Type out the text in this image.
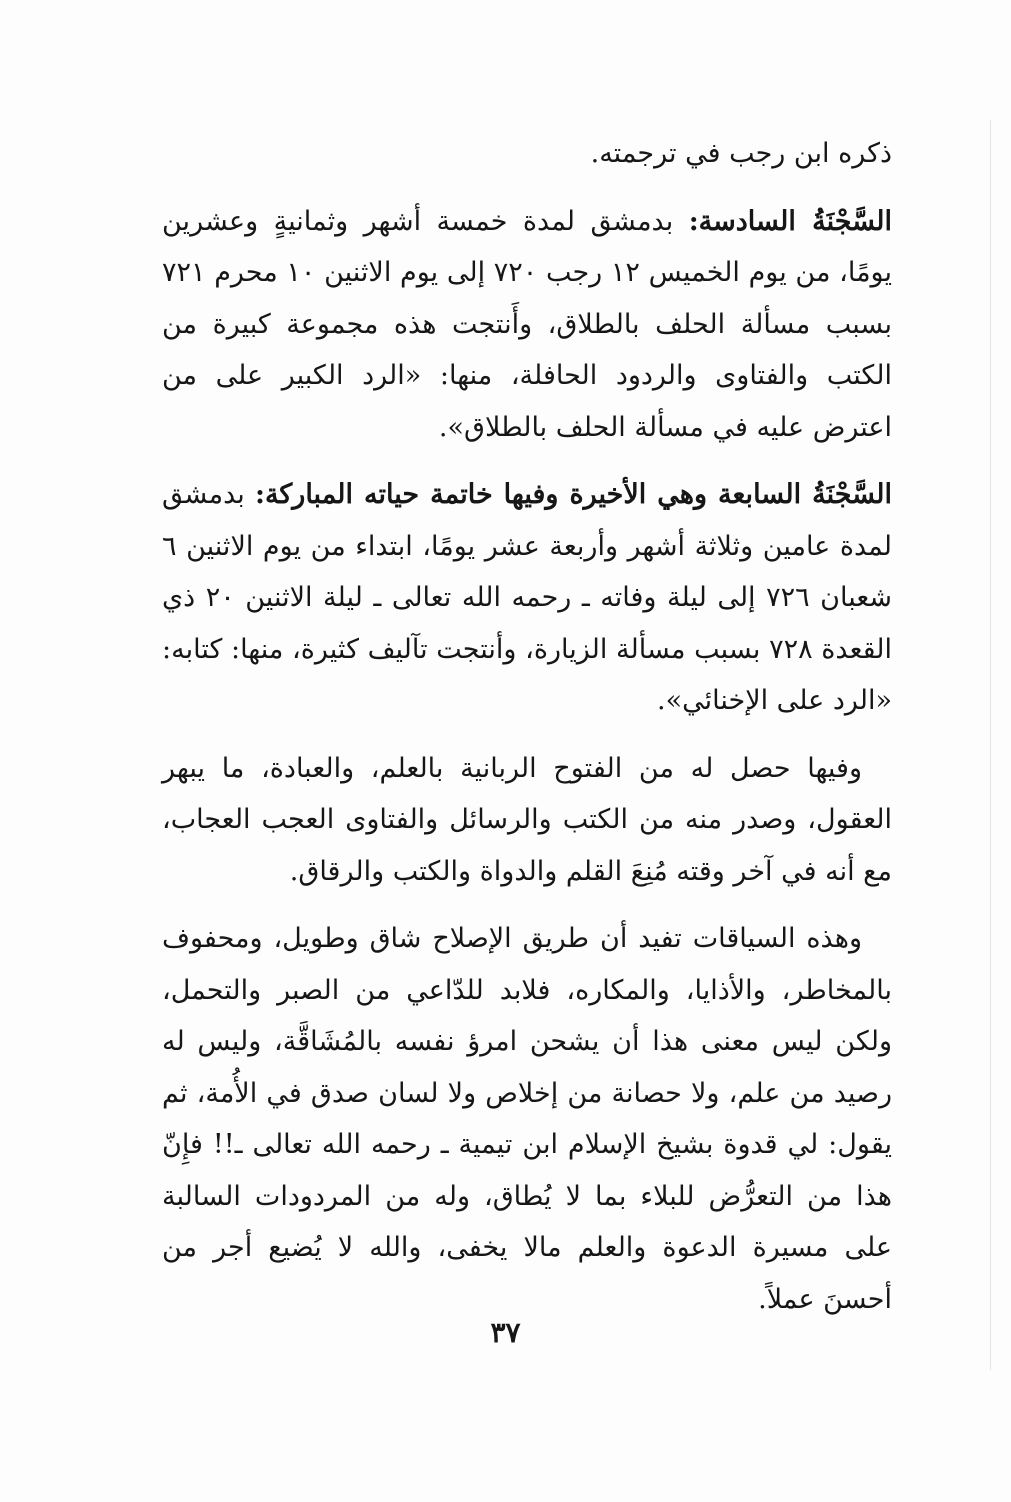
ذكره ابن رجب في ترجمته.

السَّجْنَةُ السادسة: بدمشق لمدة خمسة أشهر وثمانيةٍ وعشرين يومًا، من يوم الخميس ١٢ رجب ٧٢٠ إلى يوم الاثنين ١٠ محرم ٧٢١ بسبب مسألة الحلف بالطلاق، وأَنتجت هذه مجموعة كبيرة من الكتب والفتاوى والردود الحافلة، منها: «الرد الكبير على من اعترض عليه في مسألة الحلف بالطلاق».

السَّجْنَةُ السابعة وهي الأخيرة وفيها خاتمة حياته المباركة: بدمشق لمدة عامين وثلاثة أشهر وأربعة عشر يومًا، ابتداء من يوم الاثنين ٦ شعبان ٧٢٦ إلى ليلة وفاته ـ رحمه الله تعالى ـ ليلة الاثنين ٢٠ ذي القعدة ٧٢٨ بسبب مسألة الزيارة، وأنتجت تآليف كثيرة، منها: كتابه: «الرد على الإخنائي».

وفيها حصل له من الفتوح الربانية بالعلم، والعبادة، ما يبهر العقول، وصدر منه من الكتب والرسائل والفتاوى العجب العجاب، مع أنه في آخر وقته مُنِعَ القلم والدواة والكتب والرقاق.

وهذه السياقات تفيد أن طريق الإصلاح شاق وطويل، ومحفوف بالمخاطر، والأذايا، والمكاره، فلابد للدّاعي من الصبر والتحمل، ولكن ليس معنى هذا أن يشحن امرؤ نفسه بالمُشَاقَّة، وليس له رصيد من علم، ولا حصانة من إخلاص ولا لسان صدق في الأُمة، ثم يقول: لي قدوة بشيخ الإسلام ابن تيمية ـ رحمه الله تعالى ـ!! فإِنّ هذا من التعرُّض للبلاء بما لا يُطاق، وله من المردودات السالبة على مسيرة الدعوة والعلم مالا يخفى، والله لا يُضيع أجر من أحسنَ عملاً.

٣٧
